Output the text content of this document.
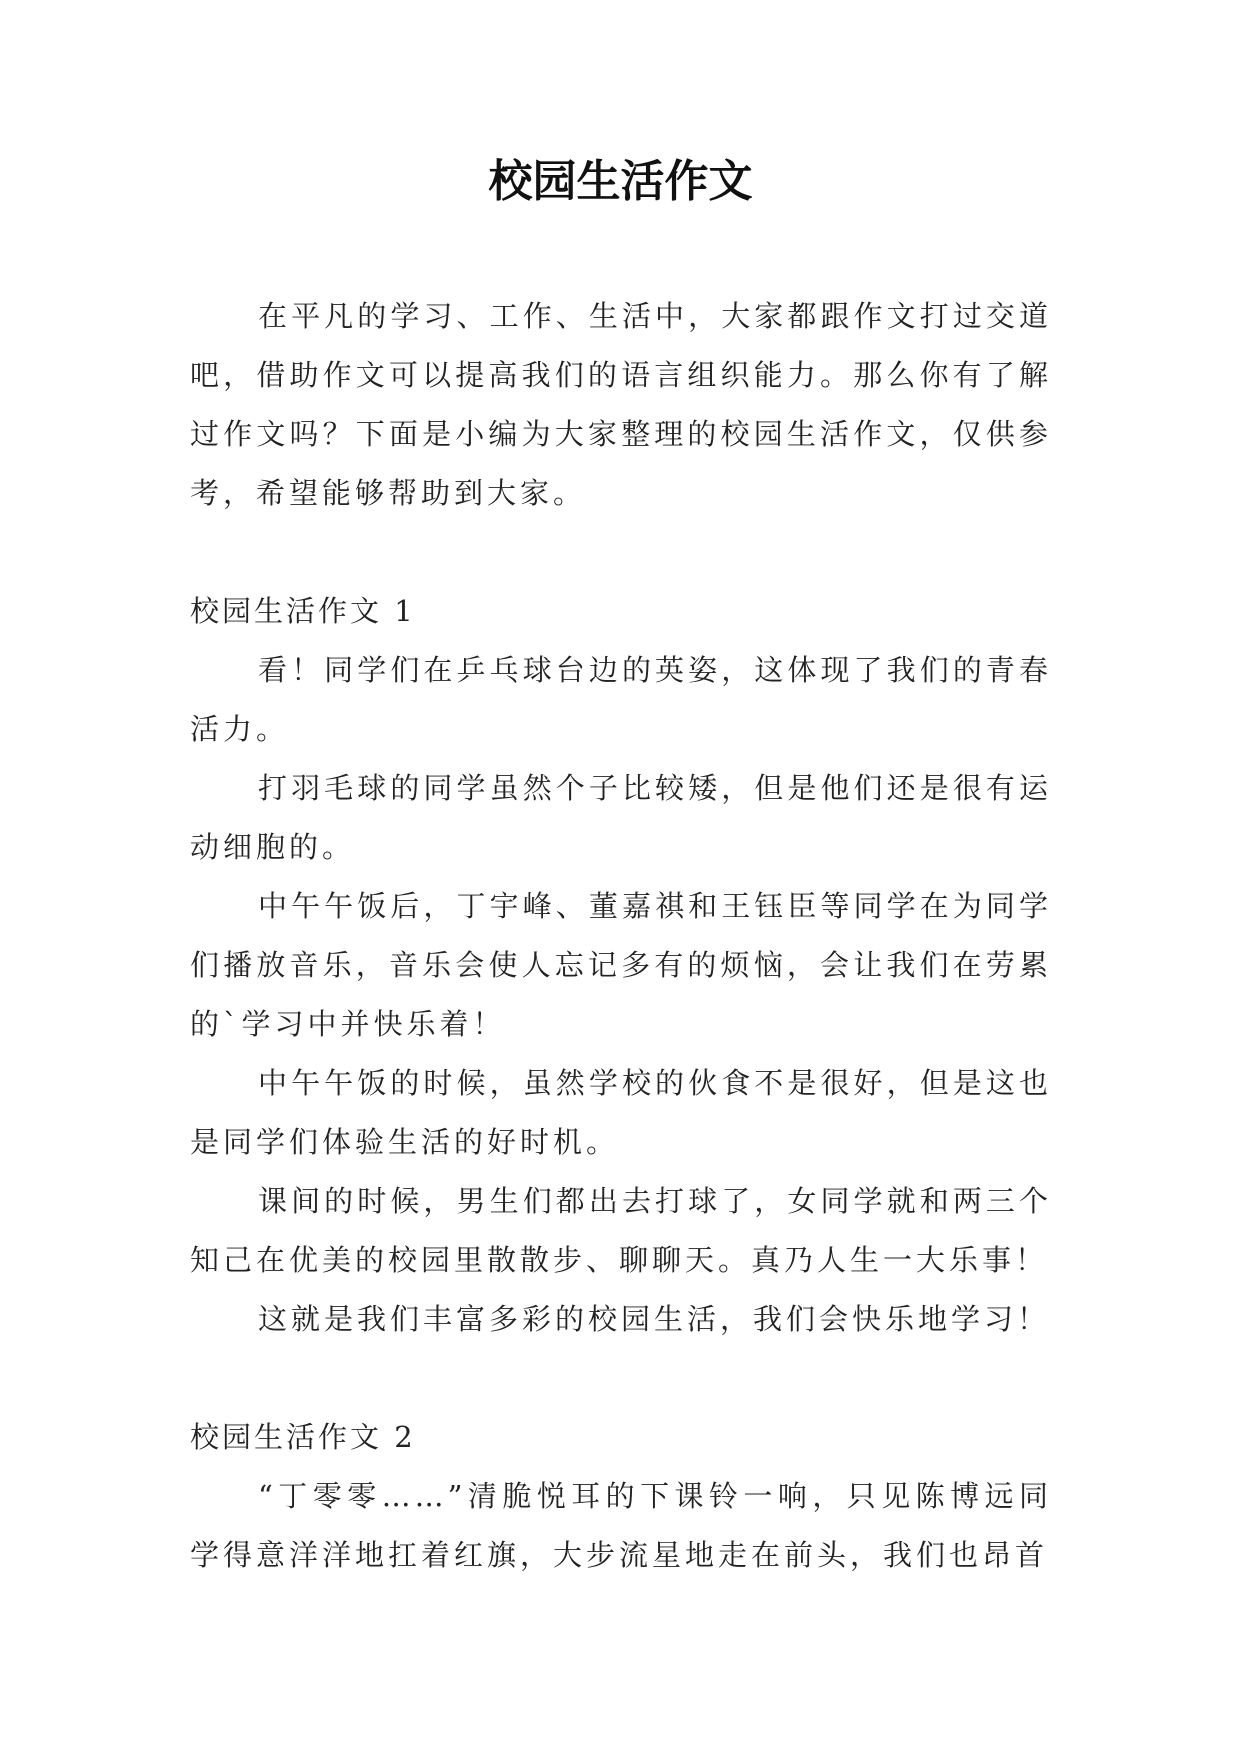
校园生活作文

在平凡的学习、工作、生活中，大家都跟作文打过交道吧，借助作文可以提高我们的语言组织能力。那么你有了解过作文吗？下面是小编为大家整理的校园生活作文，仅供参考，希望能够帮助到大家。

校园生活作文 1

看！同学们在乒乓球台边的英姿，这体现了我们的青春活力。

打羽毛球的同学虽然个子比较矮，但是他们还是很有运动细胞的。

中午午饭后，丁宇峰、董嘉祺和王钰臣等同学在为同学们播放音乐，音乐会使人忘记多有的烦恼，会让我们在劳累的`学习中并快乐着！

中午午饭的时候，虽然学校的伙食不是很好，但是这也是同学们体验生活的好时机。

课间的时候，男生们都出去打球了，女同学就和两三个知己在优美的校园里散散步、聊聊天。真乃人生一大乐事！

这就是我们丰富多彩的校园生活，我们会快乐地学习！

校园生活作文 2

“丁零零……”清脆悦耳的下课铃一响，只见陈博远同学得意洋洋地扛着红旗，大步流星地走在前头，我们也昂首
